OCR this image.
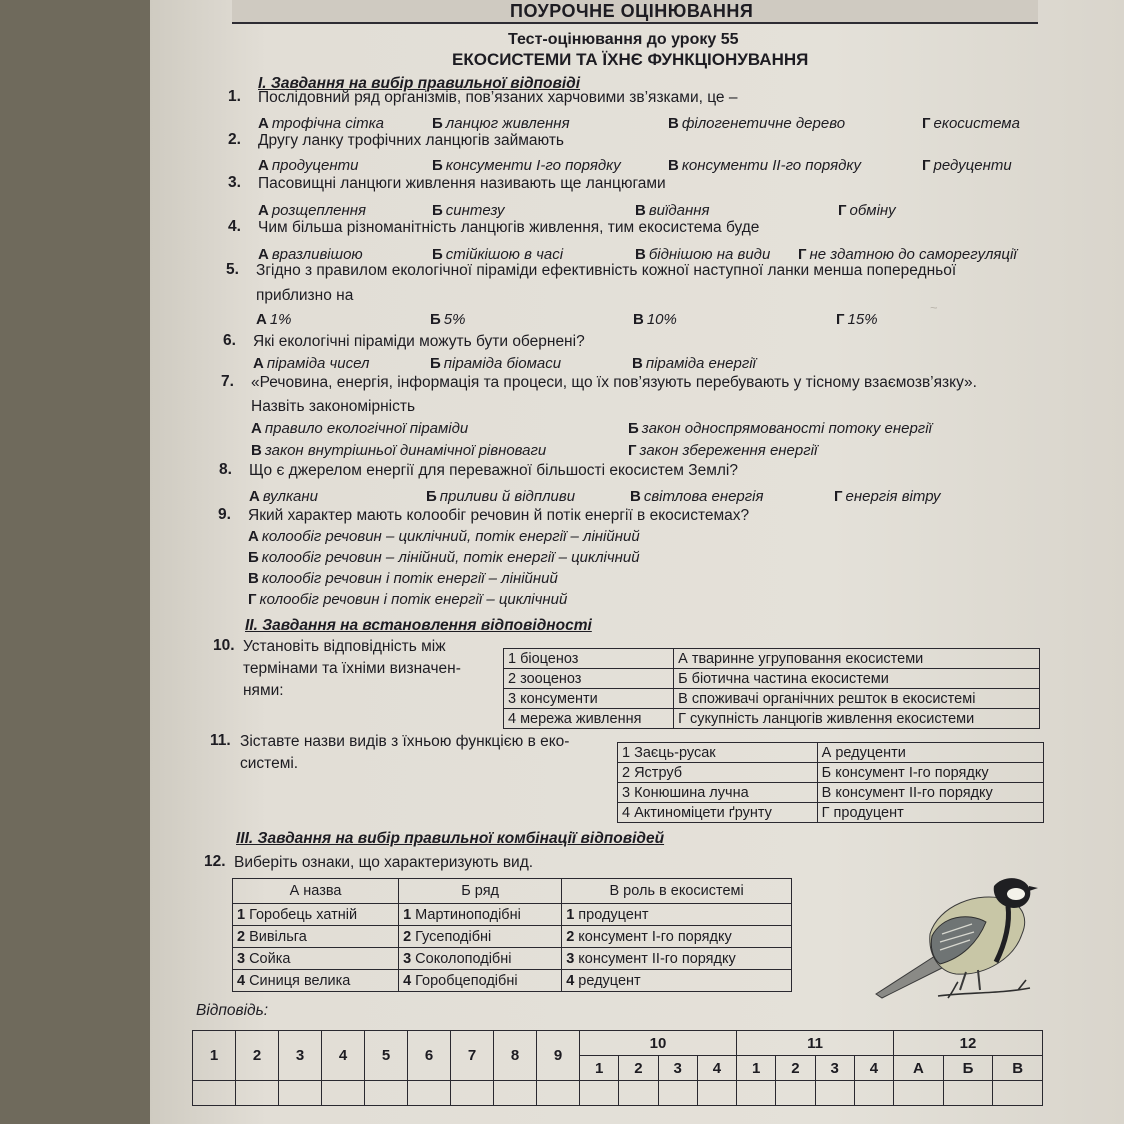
~
ПОУРОЧНЕ ОЦІНЮВАННЯ
Тест-оцінювання до уроку 55
ЕКОСИСТЕМИ ТА ЇХНЄ ФУНКЦІОНУВАННЯ
I. Завдання на вибір правильної відповіді
1. Послідовний ряд організмів, пов’язаних харчовими зв’язками, це –
А трофічна сітка	Б ланцюг живлення	В філогенетичне дерево	Г екосистема
2. Другу ланку трофічних ланцюгів займають
А продуценти	Б консументи I-го порядку	В консументи II-го порядку	Г редуценти
3. Пасовищні ланцюги живлення називають ще ланцюгами
А розщеплення	Б синтезу	В виїдання	Г обміну
4. Чим більша різноманітність ланцюгів живлення, тим екосистема буде
А вразливішою	Б стійкішою в часі	В біднішою на види Г не здатною до саморегуляції
5. Згідно з правилом екологічної піраміди ефективність кожної наступної ланки менша попередньої
приблизно на
А 1%	Б 5%	В 10%	Г 15%
6. Які екологічні піраміди можуть бути обернені?
А піраміда чисел	Б піраміда біомаси	В піраміда енергії
7. «Речовина, енергія, інформація та процеси, що їх пов’язують перебувають у тісному взаємозв’язку».
Назвіть закономірність
А правило екологічної піраміди	Б закон односпрямованості потоку енергії
В закон внутрішньої динамічної рівноваги	Г закон збереження енергії
8. Що є джерелом енергії для переважної більшості екосистем Землі?
А вулкани	Б приливи й відпливи	В світлова енергія	Г енергія вітру
9. Який характер мають колообіг речовин й потік енергії в екосистемах?
А колообіг речовин – циклічний, потік енергії – лінійний
Б колообіг речовин – лінійний, потік енергії – циклічний
В колообіг речовин і потік енергії – лінійний
Г колообіг речовин і потік енергії – циклічний
II. Завдання на встановлення відповідності
10. Установіть відповідність між
термінами та їхніми визначен-
нями:
1 біоценоз	А тваринне угруповання екосистеми
2 зооценоз	Б біотична частина екосистеми
3 консументи	В споживачі органічних решток в екосистемі
4 мережа живлення	Г сукупність ланцюгів живлення екосистеми
11. Зіставте назви видів з їхньою функцією в еко-
системі.
1 Заєць-русак	А редуценти
2 Яструб	Б консумент I-го порядку
3 Конюшина лучна	В консумент II-го порядку
4 Актиноміцети ґрунту	Г продуцент
III. Завдання на вибір правильної комбінації відповідей
12. Виберіть ознаки, що характеризують вид.
А назва	Б ряд	В роль в екосистемі
1 Горобець хатній	1 Мартиноподібні	1 продуцент
2 Вивільга	2 Гусеподібні	2 консумент I-го порядку
3 Сойка	3 Соколоподібні	3 консумент II-го порядку
4 Синиця велика	4 Горобцеподібні	4 редуцент
Відповідь:
1	2	3	4	5	6	7	8	9	10				11				12		
									1	2	3	4	1	2	3	4	А	Б	В
